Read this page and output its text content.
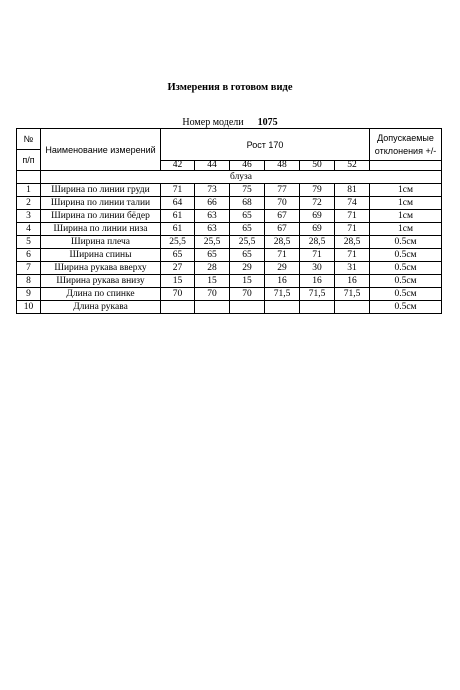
Измерения в готовом виде
Номер модели 1075
№	Наименование измерений	Рост 170						Допускаемые
отклонения +/-
п/п								
		42	44	46	48	50	52	
	блуза							
1	Ширина по линии груди	71	73	75	77	79	81	1см
2	Ширина по линии талии	64	66	68	70	72	74	1см
3	Ширина по линии бёдер	61	63	65	67	69	71	1см
4	Ширина по линии низа	61	63	65	67	69	71	1см
5	Ширина плеча	25,5	25,5	25,5	28,5	28,5	28,5	0.5см
6	Ширина спины	65	65	65	71	71	71	0.5см
7	Ширина рукава вверху	27	28	29	29	30	31	0.5см
8	Ширина рукава внизу	15	15	15	16	16	16	0.5см
9	Длина по спинке	70	70	70	71,5	71,5	71,5	0.5см
10	Длина рукава							0.5см
